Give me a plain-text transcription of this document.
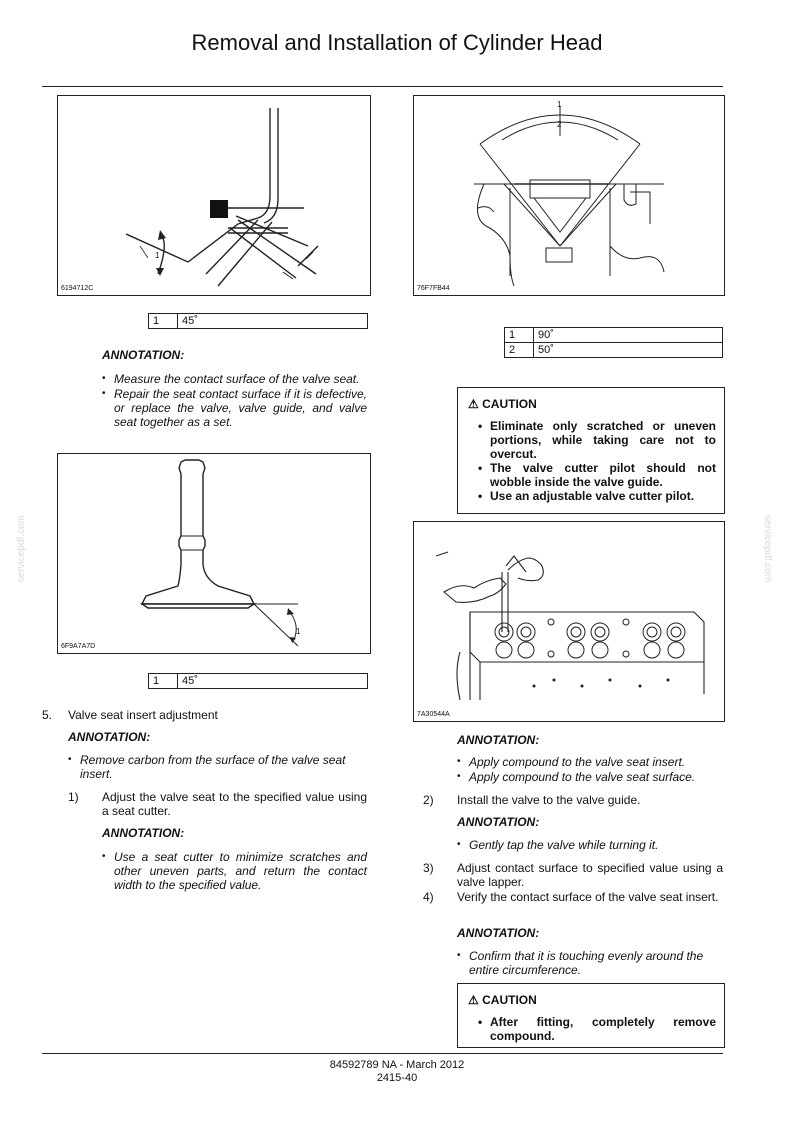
Removal and Installation of Cylinder Head
servicepdf.com	servicepdf.com
1
6194712C
1	45˚
ANNOTATION:
• Measure the contact surface of the valve seat.
• Repair the seat contact surface if it is defective, or replace the valve, valve guide, and valve seat together as a set.
1
6F9A7A7D
1	45˚
5. Valve seat insert adjustment
ANNOTATION:
• Remove carbon from the surface of the valve seat insert.
1) Adjust the valve seat to the specified value using a seat cutter.
ANNOTATION:
• Use a seat cutter to minimize scratches and other uneven parts, and return the contact width to the specified value.
1
2
76F7FB44
1	90˚
2	50˚
⚠ CAUTION
• Eliminate only scratched or uneven portions, while taking care not to overcut.
• The valve cutter pilot should not wobble inside the valve guide.
• Use an adjustable valve cutter pilot.
7A30544A
ANNOTATION:
• Apply compound to the valve seat insert.
• Apply compound to the valve seat surface.
2) Install the valve to the valve guide.
ANNOTATION:
• Gently tap the valve while turning it.
3) Adjust contact surface to specified value using a valve lapper.
4) Verify the contact surface of the valve seat insert.
ANNOTATION:
• Confirm that it is touching evenly around the entire circumference.
⚠ CAUTION
• After fitting, completely remove compound.
84592789 NA - March 2012
2415-40
